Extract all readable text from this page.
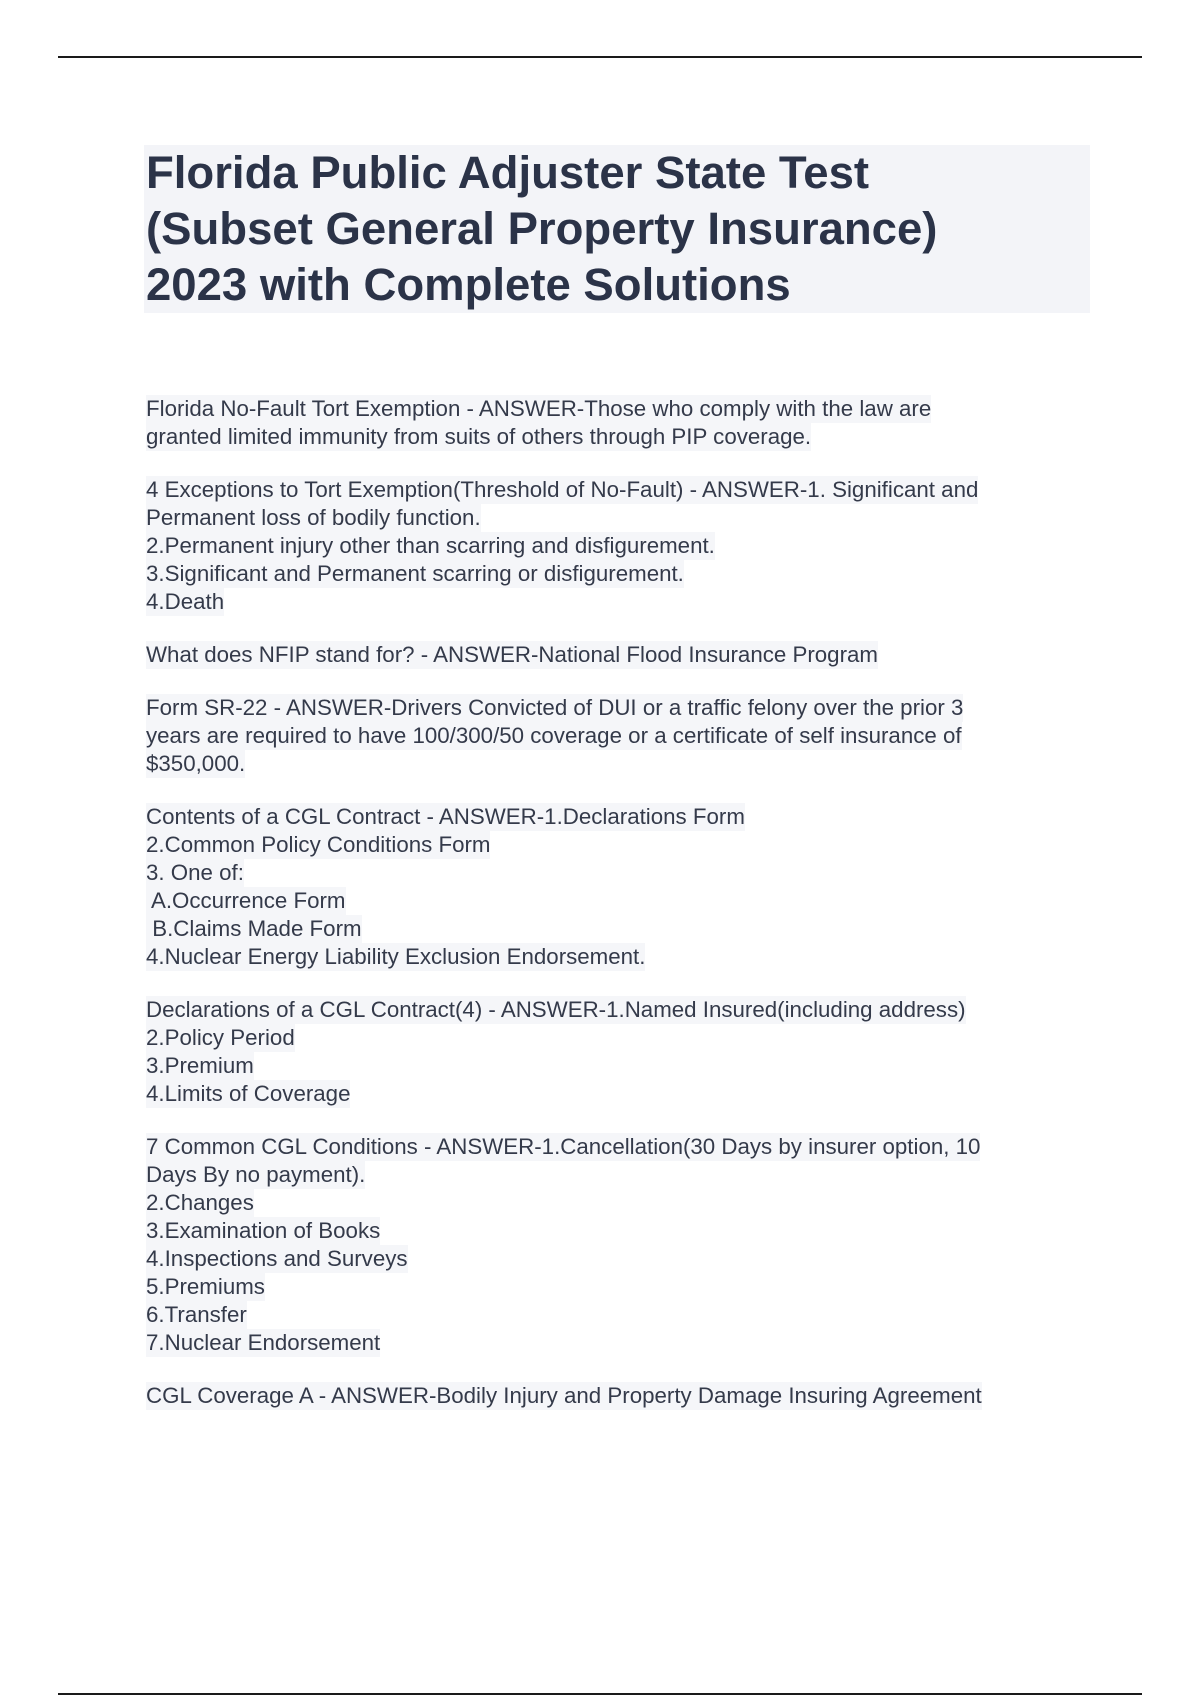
Florida Public Adjuster State Test
(Subset General Property Insurance)
2023 with Complete Solutions
Florida No-Fault Tort Exemption - ANSWER-Those who comply with the law are
granted limited immunity from suits of others through PIP coverage.
4 Exceptions to Tort Exemption(Threshold of No-Fault) - ANSWER-1. Significant and
Permanent loss of bodily function.
2.Permanent injury other than scarring and disfigurement.
3.Significant and Permanent scarring or disfigurement.
4.Death
What does NFIP stand for? - ANSWER-National Flood Insurance Program
Form SR-22 - ANSWER-Drivers Convicted of DUI or a traffic felony over the prior 3
years are required to have 100/300/50 coverage or a certificate of self insurance of
$350,000.
Contents of a CGL Contract - ANSWER-1.Declarations Form
2.Common Policy Conditions Form
3. One of:
A.Occurrence Form
B.Claims Made Form
4.Nuclear Energy Liability Exclusion Endorsement.
Declarations of a CGL Contract(4) - ANSWER-1.Named Insured(including address)
2.Policy Period
3.Premium
4.Limits of Coverage
7 Common CGL Conditions - ANSWER-1.Cancellation(30 Days by insurer option, 10
Days By no payment).
2.Changes
3.Examination of Books
4.Inspections and Surveys
5.Premiums
6.Transfer
7.Nuclear Endorsement
CGL Coverage A - ANSWER-Bodily Injury and Property Damage Insuring Agreement
